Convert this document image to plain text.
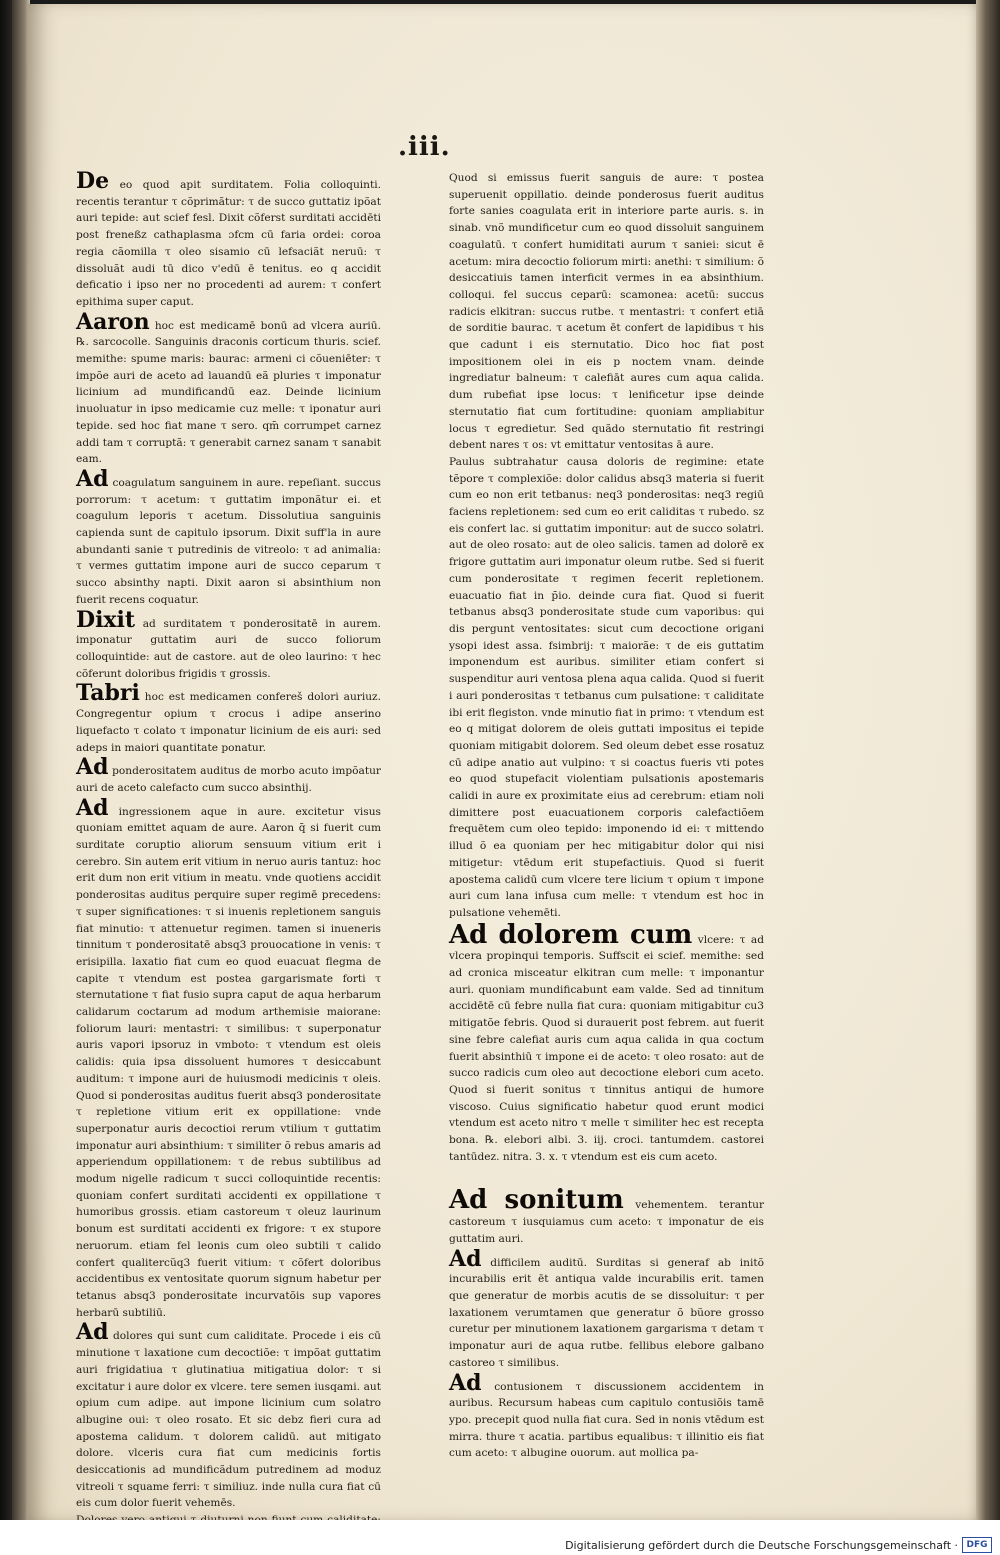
.iii.

De eo quod apit surditatem. Folia colloquinti. recentis terantur τ cõprimãtur: τ de succo guttatiz ipõat auri tepide: aut scief fesl. Dixit cõferst surditati accidēti post freneßz cathaplasma ɔfcm cū faria ordei: coroa regia cãomilla τ oleo sisamio cū lefsaciãt neruū: τ dissoluãt audi tū dico v'edū ē tenitus. eo q accidit deficatio i ipso ner no procedenti ad aurem: τ confert epithima super caput.

Aaron hoc est medicamē bonū ad vlcera auriū. ℞. sarcocolle. Sanguinis draconis corticum thuris. scief. memithe: spume maris: baurac: armeni ci cõueniēter: τ impõe auri de aceto ad lauandū eã pluries τ imponatur licinium ad mundificandū eaz. Deinde licinium inuoluatur in ipso medicamie cuz melle: τ iponatur auri tepide. sed hoc fiat mane τ sero. qm̄ corrumpet carnez addi tam τ corruptã: τ generabit carnez sanam τ sanabit eam.

Ad coagulatum sanguinem in aure. repeſiant. succus porrorum: τ acetum: τ guttatim imponãtur ei. et coagulum leporis τ acetum. Dissolutiua sanguinis capienda sunt de capitulo ipsorum. Dixit suff'la in aure abundanti sanie τ putredinis de vitreolo: τ ad animalia: τ vermes guttatim impone auri de succo ceparum τ succo absinthy napti. Dixit aaron si absinthium non fuerit recens coquatur.

Dixit ad surditatem τ ponderositatē in aurem. imponatur guttatim auri de succo foliorum colloquintide: aut de castore. aut de oleo laurino: τ hec cõferunt doloribus frigidis τ grossis.

Tabri hoc est medicamen confereš dolori auriuz. Congregentur opium τ crocus i adipe anserino liquefacto τ colato τ imponatur licinium de eis auri: sed adeps in maiori quantitate ponatur.

Ad ponderositatem auditus de morbo acuto impõatur auri de aceto calefacto cum succo absinthij.

Ad ingressionem aque in aure. excitetur visus quoniam emittet aquam de aure. Aaron q̄ si fuerit cum surditate coruptio aliorum sensuum vitium erit i cerebro. Sin autem erit vitium in neruo auris tantuz: hoc erit dum non erit vitium in meatu. vnde quotiens accidit ponderositas auditus perquire super regimē precedens: τ super significationes: τ si inuenis repletionem sanguis fiat minutio: τ attenuetur regimen. tamen si inueneris tinnitum τ ponderositatē absq3 prouocatione in venis: τ erisipilla. laxatio fiat cum eo quod euacuat flegma de capite τ vtendum est postea gargarismate forti τ sternutatione τ fiat fusio supra caput de aqua herbarum calidarum coctarum ad modum arthemisie maiorane: foliorum lauri: mentastri: τ similibus: τ superponatur auris vapori ipsoruz in vmboto: τ vtendum est oleis calidis: quia ipsa dissoluent humores τ desiccabunt auditum: τ impone auri de huiusmodi medicinis τ oleis. Quod si ponderositas auditus fuerit absq3 ponderositate τ repletione vitium erit ex oppillatione: vnde superponatur auris decoctioi rerum vtilium τ guttatim imponatur auri absinthium: τ similiter õ rebus amaris ad apperiendum oppillationem: τ de rebus subtilibus ad modum nigelle radicum τ succi colloquintide recentis: quoniam confert surditati accidenti ex oppillatione τ humoribus grossis. etiam castoreum τ oleuz laurinum bonum est surditati accidenti ex frigore: τ ex stupore neruorum. etiam fel leonis cum oleo subtili τ calido confert qualitercũq3 fuerit vitium: τ cõfert doloribus accidentibus ex ventositate quorum signum habetur per tetanus absq3 ponderositate incurvatõis sup vapores herbarū subtiliū.

Ad dolores qui sunt cum caliditate. Procede i eis cū minutione τ laxatione cum decoctiõe: τ impõat guttatim auri frigidatiua τ glutinatiua mitigatiua dolor: τ si excitatur i aure dolor ex vlcere. tere semen iusqami. aut opium cum adipe. aut impone licinium cum solatro albugine oui: τ oleo rosato. Et sic debz fieri cura ad apostema calidum. τ dolorem calidū. aut mitigato dolore. vlceris cura fiat cum medicinis fortis desiccationis ad mundificãdum putredinem ad moduz vitreoli τ squame ferri: τ similiuz. inde nulla cura fiat cū eis cum dolor fuerit vehemēs.

Quod si emissus fuerit sanguis de aure: τ postea superuenit oppillatio. deinde ponderosus fuerit auditus forte sanies coagulata erit in interiore parte auris. s. in sinab. vnõ mundificetur cum eo quod dissoluit sanguinem coagulatū. τ confert humiditati aurum τ saniei: sicut ē acetum: mira decoctio foliorum mirti: anethi: τ similium: õ desiccatiuis tamen interficit vermes in ea absinthium. colloqui. fel succus ceparū: scamonea: acetū: succus radicis elkitran: succus rutbe. τ mentastri: τ confert etiā de sorditie baurac. τ acetum ēt confert de lapidibus τ his que cadunt i eis sternutatio. Dico hoc fiat post impositionem olei in eis p noctem vnam. deinde ingrediatur balneum: τ calefiāt aures cum aqua calida. dum rubefiat ipse locus: τ lenificetur ipse deinde sternutatio fiat cum fortitudine: quoniam ampliabitur locus τ egredietur. Sed quãdo sternutatio fit restringi debent nares τ os: vt emittatur ventositas ā aure.

Paulus subtrahatur causa doloris de regimine: etate tẽpore τ complexiõe: dolor calidus absq3 materia si fuerit cum eo non erit tetbanus: neq3 ponderositas: neq3 regiū faciens repletionem: sed cum eo erit caliditas τ rubedo. sz eis confert lac. si guttatim imponitur: aut de succo solatri. aut de oleo rosato: aut de oleo salicis. tamen ad dolorē ex frigore guttatim auri imponatur oleum rutbe. Sed si fuerit cum ponderositate τ regimen fecerit repletionem. euacuatio fiat in p̄io. deinde cura fiat. Quod si fuerit tetbanus absq3 ponderositate stude cum vaporibus: qui dis pergunt ventositates: sicut cum decoctione origani ysopi idest assa. fsimbrij: τ maiorãe: τ de eis guttatim imponendum est auribus. similiter etiam confert si suspenditur auri ventosa plena aqua calida. Quod si fuerit i auri ponderositas τ tetbanus cum pulsatione: τ caliditate ibi erit flegiston. vnde minutio fiat in primo: τ vtendum est eo q mitigat dolorem de oleis guttati impositus ei tepide quoniam mitigabit dolorem. Sed oleum debet esse rosatuz cū adipe anatio aut vulpino: τ si coactus fueris vti potes eo quod stupefacit violentiam pulsationis apostemaris calidi in aure ex proximitate eius ad cerebrum: etiam noli dimittere post euacuationem corporis calefactiõem frequētem cum oleo tepido: imponendo id ei: τ mittendo illud õ ea quoniam per hec mitigabitur dolor qui nisi mitigetur: vtēdum erit stupefactiuis. Quod si fuerit apostema calidū cum vlcere tere licium τ opium τ impone auri cum lana infusa cum melle: τ vtendum est hoc in pulsatione vehemēti.

Ad dolorem cum vlcere: τ ad vlcera propinqui temporis. Suffscit ei scief. memithe: sed ad cronica misceatur elkitran cum melle: τ imponantur auri. quoniam mundificabunt eam valde. Sed ad tinnitum accidētē cū febre nulla fiat cura: quoniam mitigabitur cu3 mitigatõe febris. Quod si durauerit post febrem. aut fuerit sine febre calefiat auris cum aqua calida in qua coctum fuerit absinthiū τ impone ei de aceto: τ oleo rosato: aut de succo radicis cum oleo aut decoctione elebori cum aceto. Quod si fuerit sonitus τ tinnitus antiqui de humore viscoso. Cuius significatio habetur quod erunt modici vtendum est aceto nitro τ melle τ similiter hec est recepta bona. ℞. elebori albi. 3. iij. croci. tantumdem. castorei tantūdez. nitra. 3. x. τ vtendum est eis cum aceto.

Ad sonitum vehementem. terantur castoreum τ iusquiamus cum aceto: τ imponatur de eis guttatim auri.

Ad difficilem auditū. Surditas si generaf ab initõ incurabilis erit ēt antiqua valde incurabilis erit. tamen que generatur de morbis acutis de se dissoluitur: τ per laxationem verumtamen que generatur õ bũore grosso curetur per minutionem laxationem gargarisma τ detam τ imponatur auri de aqua rutbe. fellibus elebore galbano castoreo τ similibus.

Ad contusionem τ discussionem accidentem in auribus. Recursum habeas cum capitulo contusiõis tamē ypo. precepit quod nulla fiat cura. Sed in nonis vtēdum est mirra. thure τ acatia. partibus equalibus: τ illinitio eis fiat cum aceto: τ albugine ouorum. aut mollica pa-

Digitalisierung gefördert durch die Deutsche Forschungsgemeinschaft · DFG
